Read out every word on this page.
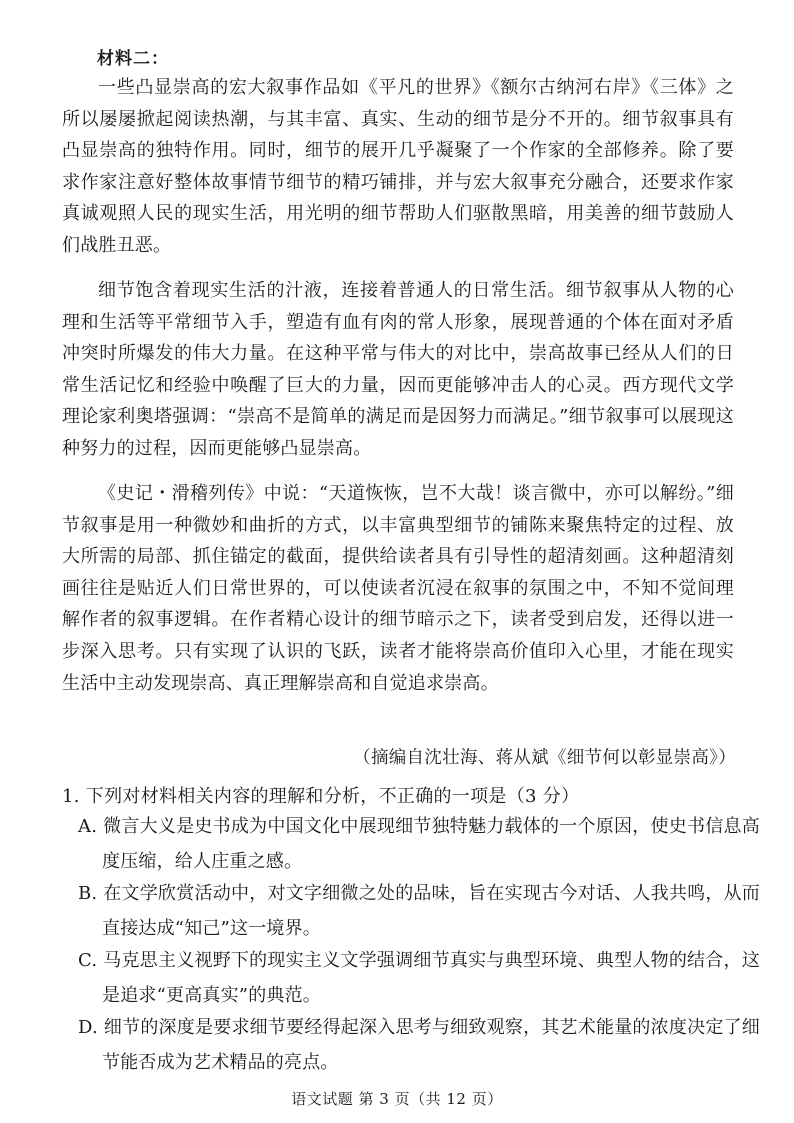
材料二：

一些凸显崇高的宏大叙事作品如《平凡的世界》《额尔古纳河右岸》《三体》之所以屡屡掀起阅读热潮，与其丰富、真实、生动的细节是分不开的。细节叙事具有凸显崇高的独特作用。同时，细节的展开几乎凝聚了一个作家的全部修养。除了要求作家注意好整体故事情节细节的精巧铺排，并与宏大叙事充分融合，还要求作家真诚观照人民的现实生活，用光明的细节帮助人们驱散黑暗，用美善的细节鼓励人们战胜丑恶。

细节饱含着现实生活的汁液，连接着普通人的日常生活。细节叙事从人物的心理和生活等平常细节入手，塑造有血有肉的常人形象，展现普通的个体在面对矛盾冲突时所爆发的伟大力量。在这种平常与伟大的对比中，崇高故事已经从人们的日常生活记忆和经验中唤醒了巨大的力量，因而更能够冲击人的心灵。西方现代文学理论家利奥塔强调：“崇高不是简单的满足而是因努力而满足。”细节叙事可以展现这种努力的过程，因而更能够凸显崇高。

《史记・滑稽列传》中说：“天道恢恢，岂不大哉！谈言微中，亦可以解纷。”细节叙事是用一种微妙和曲折的方式，以丰富典型细节的铺陈来聚焦特定的过程、放大所需的局部、抓住锚定的截面，提供给读者具有引导性的超清刻画。这种超清刻画往往是贴近人们日常世界的，可以使读者沉浸在叙事的氛围之中，不知不觉间理解作者的叙事逻辑。在作者精心设计的细节暗示之下，读者受到启发，还得以进一步深入思考。只有实现了认识的飞跃，读者才能将崇高价值印入心里，才能在现实生活中主动发现崇高、真正理解崇高和自觉追求崇高。

（摘编自沈壮海、蒋从斌《细节何以彰显崇高》）
1. 下列对材料相关内容的理解和分析，不正确的一项是（3 分）

A. 微言大义是史书成为中国文化中展现细节独特魅力载体的一个原因，使史书信息高度压缩，给人庄重之感。

B. 在文学欣赏活动中，对文字细微之处的品味，旨在实现古今对话、人我共鸣，从而直接达成“知己”这一境界。

C. 马克思主义视野下的现实主义文学强调细节真实与典型环境、典型人物的结合，这是追求“更高真实”的典范。

D. 细节的深度是要求细节要经得起深入思考与细致观察，其艺术能量的浓度决定了细节能否成为艺术精品的亮点。

语文试题 第 3 页（共 12 页）
